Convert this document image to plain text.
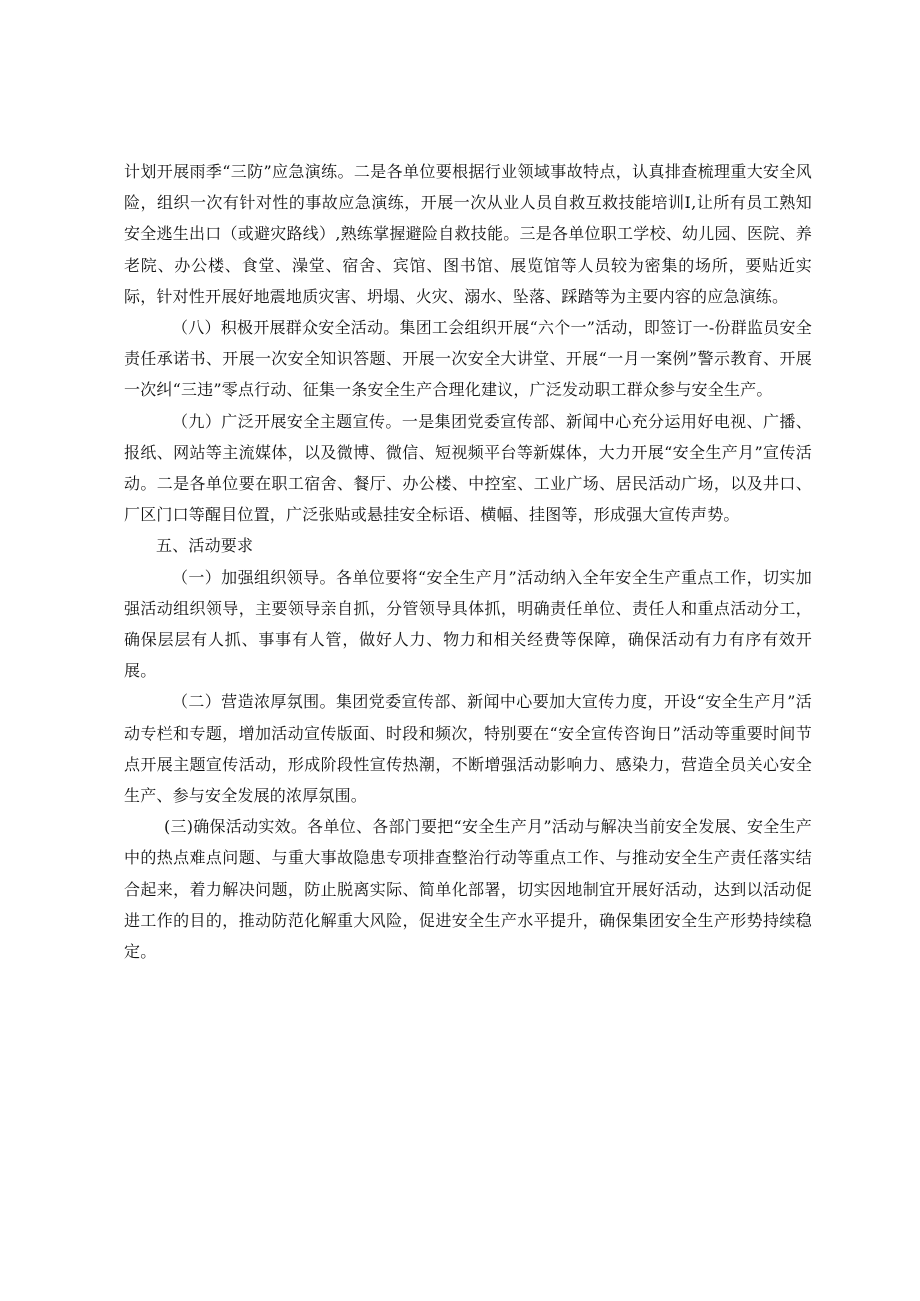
计划开展雨季“三防”应急演练。二是各单位要根据行业领域事故特点，认真排查梳理重大安全风险，组织一次有针对性的事故应急演练，开展一次从业人员自救互救技能培训Ⅰ,让所有员工熟知安全逃生出口（或避灾路线）,熟练掌握避险自救技能。三是各单位职工学校、幼儿园、医院、养老院、办公楼、食堂、澡堂、宿舍、宾馆、图书馆、展览馆等人员较为密集的场所，要贴近实际，针对性开展好地震地质灾害、坍塌、火灾、溺水、坠落、踩踏等为主要内容的应急演练。

（八）积极开展群众安全活动。集团工会组织开展“六个一”活动，即签订一-份群监员安全责任承诺书、开展一次安全知识答题、开展一次安全大讲堂、开展“一月一案例”警示教育、开展一次纠“三违”零点行动、征集一条安全生产合理化建议，广泛发动职工群众参与安全生产。

（九）广泛开展安全主题宣传。一是集团党委宣传部、新闻中心充分运用好电视、广播、报纸、网站等主流媒体，以及微博、微信、短视频平台等新媒体，大力开展“安全生产月”宣传活动。二是各单位要在职工宿舍、餐厅、办公楼、中控室、工业广场、居民活动广场，以及井口、厂区门口等醒目位置，广泛张贴或悬挂安全标语、横幅、挂图等，形成强大宣传声势。

五、活动要求

（一）加强组织领导。各单位要将“安全生产月”活动纳入全年安全生产重点工作，切实加强活动组织领导，主要领导亲自抓，分管领导具体抓，明确责任单位、责任人和重点活动分工，确保层层有人抓、事事有人管，做好人力、物力和相关经费等保障，确保活动有力有序有效开展。

（二）营造浓厚氛围。集团党委宣传部、新闻中心要加大宣传力度，开设“安全生产月”活动专栏和专题，增加活动宣传版面、时段和频次，特别要在“安全宣传咨询日”活动等重要时间节点开展主题宣传活动，形成阶段性宣传热潮，不断增强活动影响力、感染力，营造全员关心安全生产、参与安全发展的浓厚氛围。

(三)确保活动实效。各单位、各部门要把“安全生产月”活动与解决当前安全发展、安全生产中的热点难点问题、与重大事故隐患专项排查整治行动等重点工作、与推动安全生产责任落实结合起来，着力解决问题，防止脱离实际、简单化部署，切实因地制宜开展好活动，达到以活动促进工作的目的，推动防范化解重大风险，促进安全生产水平提升，确保集团安全生产形势持续稳定。
